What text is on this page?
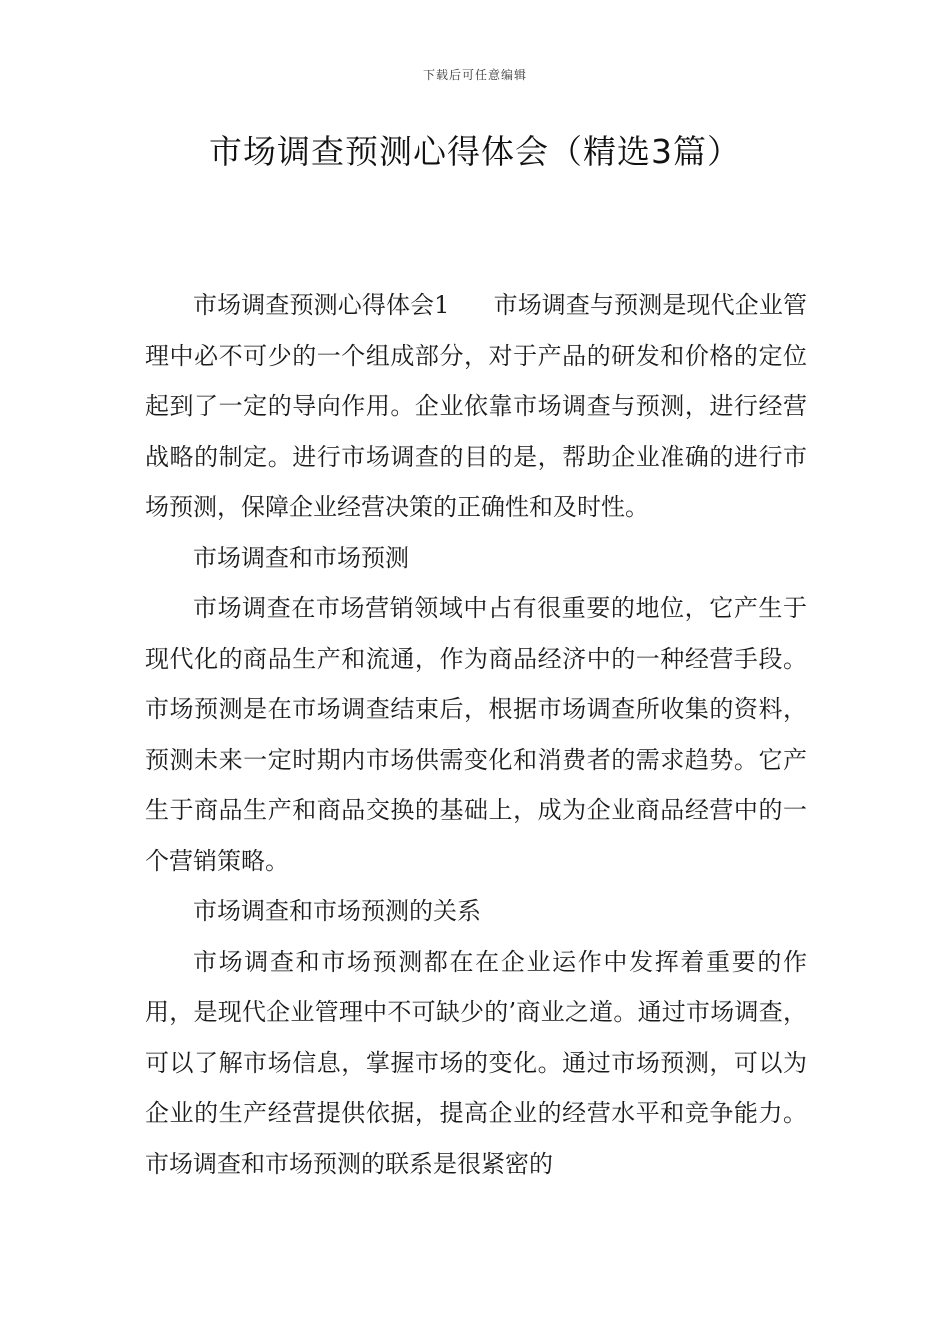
下载后可任意编辑
市场调查预测心得体会（精选3篇）

市场调查预测心得体会1 市场调查与预测是现代企业管理中必不可少的一个组成部分，对于产品的研发和价格的定位起到了一定的导向作用。企业依靠市场调查与预测，进行经营战略的制定。进行市场调查的目的是，帮助企业准确的进行市场预测，保障企业经营决策的正确性和及时性。

市场调查和市场预测

市场调查在市场营销领域中占有很重要的地位，它产生于现代化的商品生产和流通，作为商品经济中的一种经营手段。市场预测是在市场调查结束后，根据市场调查所收集的资料，预测未来一定时期内市场供需变化和消费者的需求趋势。它产生于商品生产和商品交换的基础上，成为企业商品经营中的一个营销策略。

市场调查和市场预测的关系

市场调查和市场预测都在在企业运作中发挥着重要的作用，是现代企业管理中不可缺少的’商业之道。通过市场调查，可以了解市场信息，掌握市场的变化。通过市场预测，可以为企业的生产经营提供依据，提高企业的经营水平和竞争能力。市场调查和市场预测的联系是很紧密的
